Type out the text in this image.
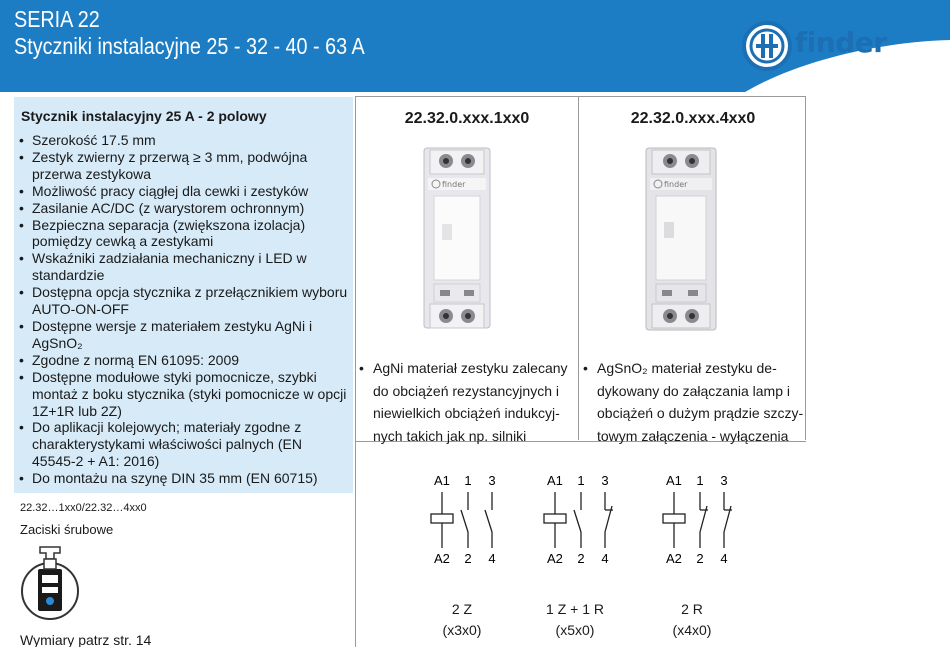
SERIA 22
Styczniki instalacyjne 25 - 32 - 40 - 63 A	finder
Stycznik instalacyjny 25 A - 2 polowy
• Szerokość 17.5 mm
• Zestyk zwierny z przerwą ≥ 3 mm, podwójna przerwa zestykowa
• Możliwość pracy ciągłej dla cewki i zestyków
• Zasilanie AC/DC (z warystorem ochronnym)
• Bezpieczna separacja (zwiększona izolacja) pomiędzy cewką a zestykami
• Wskaźniki zadziałania mechaniczny i LED w standardzie
• Dostępna opcja stycznika z przełącznikiem wyboru AUTO-ON-OFF
• Dostępne wersje z materiałem zestyku AgNi i AgSnO₂
• Zgodne z normą EN 61095: 2009
• Dostępne modułowe styki pomocnicze, szybki montaż z boku stycznika (styki pomocnicze w opcji 1Z+1R lub 2Z)
• Do aplikacji kolejowych; materiały zgodne z charakterystykami właściwości palnych (EN 45545-2 + A1: 2016)
• Do montażu na szynę DIN 35 mm (EN 60715)
22.32…1xx0/22.32…4xx0
Zaciski śrubowe
Wymiary patrz str. 14
22.32.0.xxx.1xx0	22.32.0.xxx.4xx0
finder	finder
• AgNi materiał zestyku zalecany
do obciążeń rezystancyjnych i
niewielkich obciążeń indukcyj-
nych takich jak np. silniki
• AgSnO₂ materiał zestyku de-
dykowany do załączania lamp i
obciążeń o dużym prądzie szczy-
towym załączenia - wyłączenia
A1 1 3
A2 2 4
A1 1 3
A2 2 4
A1 1 3
A2 2 4
2 Z
(x3x0)
1 Z + 1 R
(x5x0)
2 R
(x4x0)
